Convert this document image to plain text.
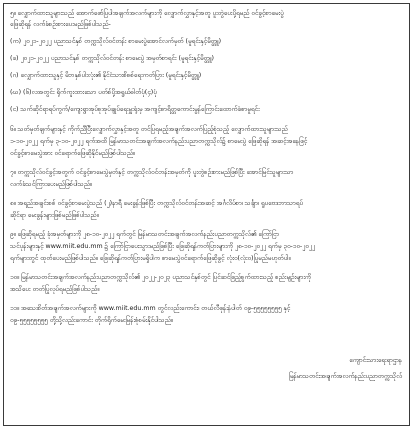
၅။ လျှောက်ထားသူများသည် အောက်ဖော်ပြပါအချက်အလက်များကို လျှောက်လွှာနှင့်အတူ ပူးတွဲပေးပို့ရမည် ဝင်ခွင့်စာမေးပွဲ
ဖြေဆိုရန် လက်ခံစဉ်းစားပေးမည်ဖြစ်ပါသည်-
(က) ၂၀၂၁-၂၀၂၂ ပညာသင်နှစ် တက္ကသိုလ်ဝင်တန်း စာမေးပွဲအောင်လက်မှတ် (မူရင်းနှင့်မိတ္တူ)
(ခ) ၂၀၂၁-၂၀၂၂ ပညာသင်နှစ် တက္ကသိုလ်ဝင်တန်း စာမေးပွဲ အမှတ်စာရင်း (မူရင်းနှင့်မိတ္တူ)
(ဂ) လျှောက်ထားသူနှင့် မိဘနှစ်ပါးလုံး၏ နိုင်ငံသားစိစစ်ရေးကတ်ပြား (မူရင်းနှင့်မိတ္တူ)
(ဃ) (၆)လအတွင်း ရိုက်ကူးထားသော ပတ်စ်ပို့အရွယ်ဓါတ်ပုံ(၄)ပုံ
(င) သက်ဆိုင်ရာရပ်ကွက်/ကျေးရွာအုပ်စုအုပ်ချုပ်ရေးမှူးရုံးမှ အကျင့်စာရိတ္တကောင်းမွန်ကြောင်းထောက်ခံစာမူရင်း
၆။ သတ်မှတ်ချက်များနှင့် ကိုက်ညီပြီးလျှောက်လွှာနှင့်အတူ တင်ပြရမည့်အချက်အလက်ပြည့်စုံသည့် လျှောက်ထားသူများသည်
၁-၁၀-၂၀၂၂ ရက်မှ ၃-၁၀-၂၀၂၂ ရက်အထိ မြန်မာသတင်းအချက်အလက်နည်းပညာတက္ကသိုလ်၌ စာမေးပွဲ ဖြေဆိုရန် အဆင့်အနေဖြင့်
ဝင်ခွင့်စာမေးပွဲအား ဝင်ရောက်ဖြေဆိုနိုင်မည်ဖြစ်ပါသည်။
၇။ တက္ကသိုလ်ဝင်ခွင့်အတွက် ဝင်ခွင့်စာမေးပွဲမှတ်နှင့် တက္ကသိုလ်ဝင်တန်းအမှတ်ကို ပူးတွဲစဉ်းစားမည်ဖြစ်ပြီး အောင်မြင်သူများသာ
လက်ခံသင်ကြားပေးမည်ဖြစ်ပါသည်။
၈။ အရည်အချင်းစစ် ဝင်ခွင့်စာမေးပွဲသည် (၂)နာရီ မေးခွန်းဖြစ်ပြီး တက္ကသိုလ်ဝင်တန်းအဆင့် အင်္ဂလိပ်စာ၊ သင်္ချာ၊ ရူပဗေဒဘာသာရပ်
ဆိုင်ရာ မေးခွန်းများဖြစ်မည်ဖြစ်ပါသည်။
၉။ ဖြေဆိုရမည့် ခုံအမှတ်များကို ၂၈-၁၀-၂၀၂၂ ရက်တွင် မြန်မာသတင်းအချက်အလက်နည်းပညာတက္ကသိုလ်၏ ကြော်ငြာ
သင်ပုန်းများနှင့် www.miit.edu.mm ၌ ကြော်ငြာပေးသွားမည်ဖြစ်ပြီး ဖြေဆိုရန်ကတ်ပြားများကို ၂၈-၁၀-၂၀၂၂ ရက်မှ ၃၀-၁၀-၂၀၂၂
ရက်များတွင် ထုတ်ပေးမည်ဖြစ်ပါသည်။ ဖြေဆိုရန်ကတ်ပြားမရှိပါက စာမေးပွဲဝင်ရောက်ဖြေဆိုခွင့် လုံးဝ(လုံးဝ)ပြုမည်မဟုတ်ပါ။
၁၀။ မြန်မာသတင်းအချက်အလက်နည်းပညာတက္ကသိုလ်၏ ၂၀၂၂-၂၀၂၃ ပညာသင်နှစ်တွင် ပြင်ဆင်ဖြည့်စွက်ထားသည့် စည်းမျဉ်းများကို
အသိပေး တတ်ပြုလုပ်ရမည်ဖြစ်ပါသည်။
၁၁။ အသေးစိတ်အချက်အလက်များကို www.miit.edu.mm တွင်လည်းကောင်း၊ တယ်လီဖုန်းနံပါတ် ၀၉-၅၅၅၅၅၅၅၅ နှင့်
၀၉-၅၅၅၅၅၅၅၅ တို့သို့လည်းကောင်း တိုက်ရိုက်မေးမြန်းစုံစမ်းနိုင်ပါသည်။
ကျောင်းသားရေးရာဌာန
မြန်မာသတင်းအချက်အလက်နည်းပညာတက္ကသိုလ်
